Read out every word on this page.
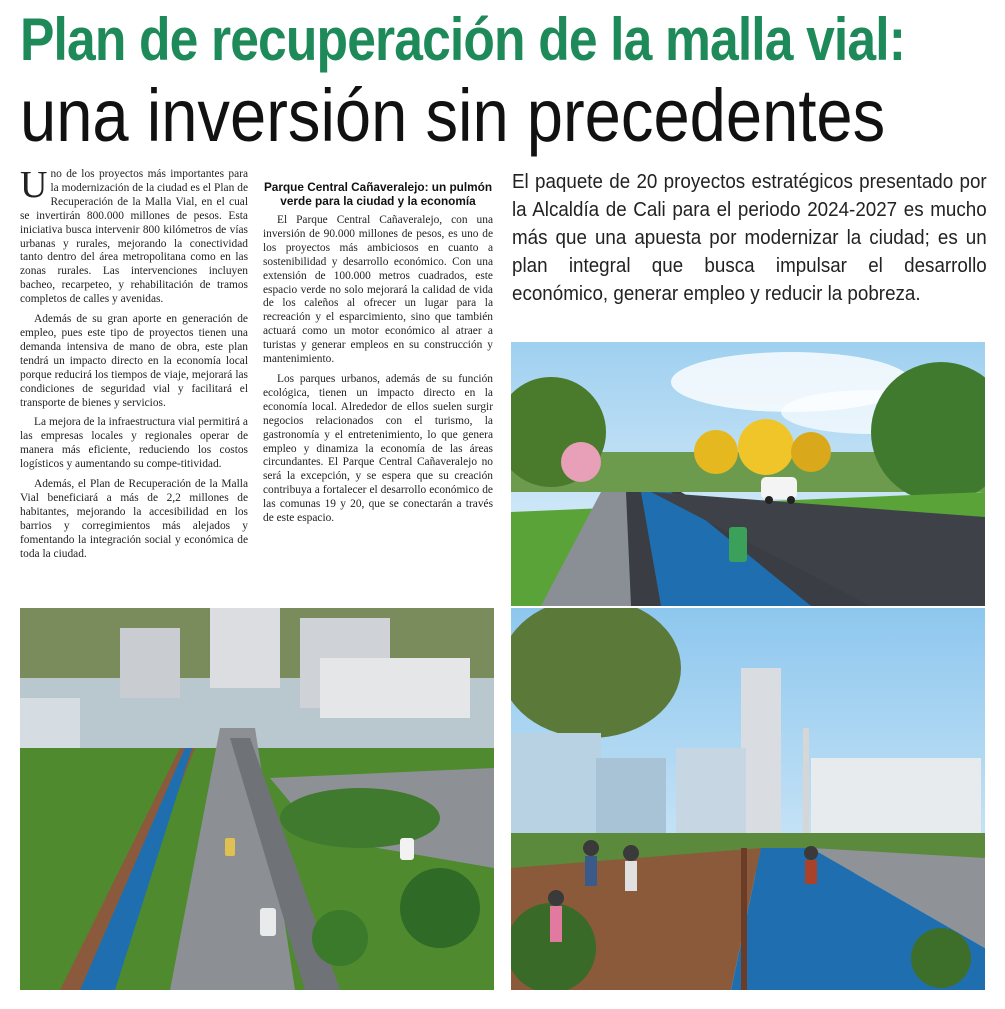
Plan de recuperación de la malla vial:
una inversión sin precedentes

Uno de los proyectos más importantes para la modernización de la ciudad es el Plan de Recuperación de la Malla Vial, en el cual se invertirán 800.000 millones de pesos. Esta iniciativa busca intervenir 800 kilómetros de vías urbanas y rurales, mejorando la conectividad tanto dentro del área metropolitana como en las zonas rurales. Las intervenciones incluyen bacheo, recarpeteo, y rehabilitación de tramos completos de calles y avenidas.

Además de su gran aporte en generación de empleo, pues este tipo de proyectos tienen una demanda intensiva de mano de obra, este plan tendrá un impacto directo en la economía local porque reducirá los tiempos de viaje, mejorará las condiciones de seguridad vial y facilitará el transporte de bienes y servicios.

La mejora de la infraestructura vial permitirá a las empresas locales y regionales operar de manera más eficiente, reduciendo los costos logísticos y aumentando su compe-titividad.

Además, el Plan de Recuperación de la Malla Vial beneficiará a más de 2,2 millones de habitantes, mejorando la accesibilidad en los barrios y corregimientos más alejados y fomentando la integración social y económica de toda la ciudad.

Parque Central Cañaveralejo: un pulmón verde para la ciudad y la economía

El Parque Central Cañaveralejo, con una inversión de 90.000 millones de pesos, es uno de los proyectos más ambiciosos en cuanto a sostenibilidad y desarrollo económico. Con una extensión de 100.000 metros cuadrados, este espacio verde no solo mejorará la calidad de vida de los caleños al ofrecer un lugar para la recreación y el esparcimiento, sino que también actuará como un motor económico al atraer a turistas y generar empleos en su construcción y mantenimiento.

Los parques urbanos, además de su función ecológica, tienen un impacto directo en la economía local. Alrededor de ellos suelen surgir negocios relacionados con el turismo, la gastronomía y el entretenimiento, lo que genera empleo y dinamiza la economía de las áreas circundantes. El Parque Central Cañaveralejo no será la excepción, y se espera que su creación contribuya a fortalecer el desarrollo económico de las comunas 19 y 20, que se conectarán a través de este espacio.

El paquete de 20 proyectos estratégicos presentado por la Alcaldía de Cali para el periodo 2024-2027 es mucho más que una apuesta por modernizar la ciudad; es un plan integral que busca impulsar el desarrollo económico, generar empleo y reducir la pobreza.
